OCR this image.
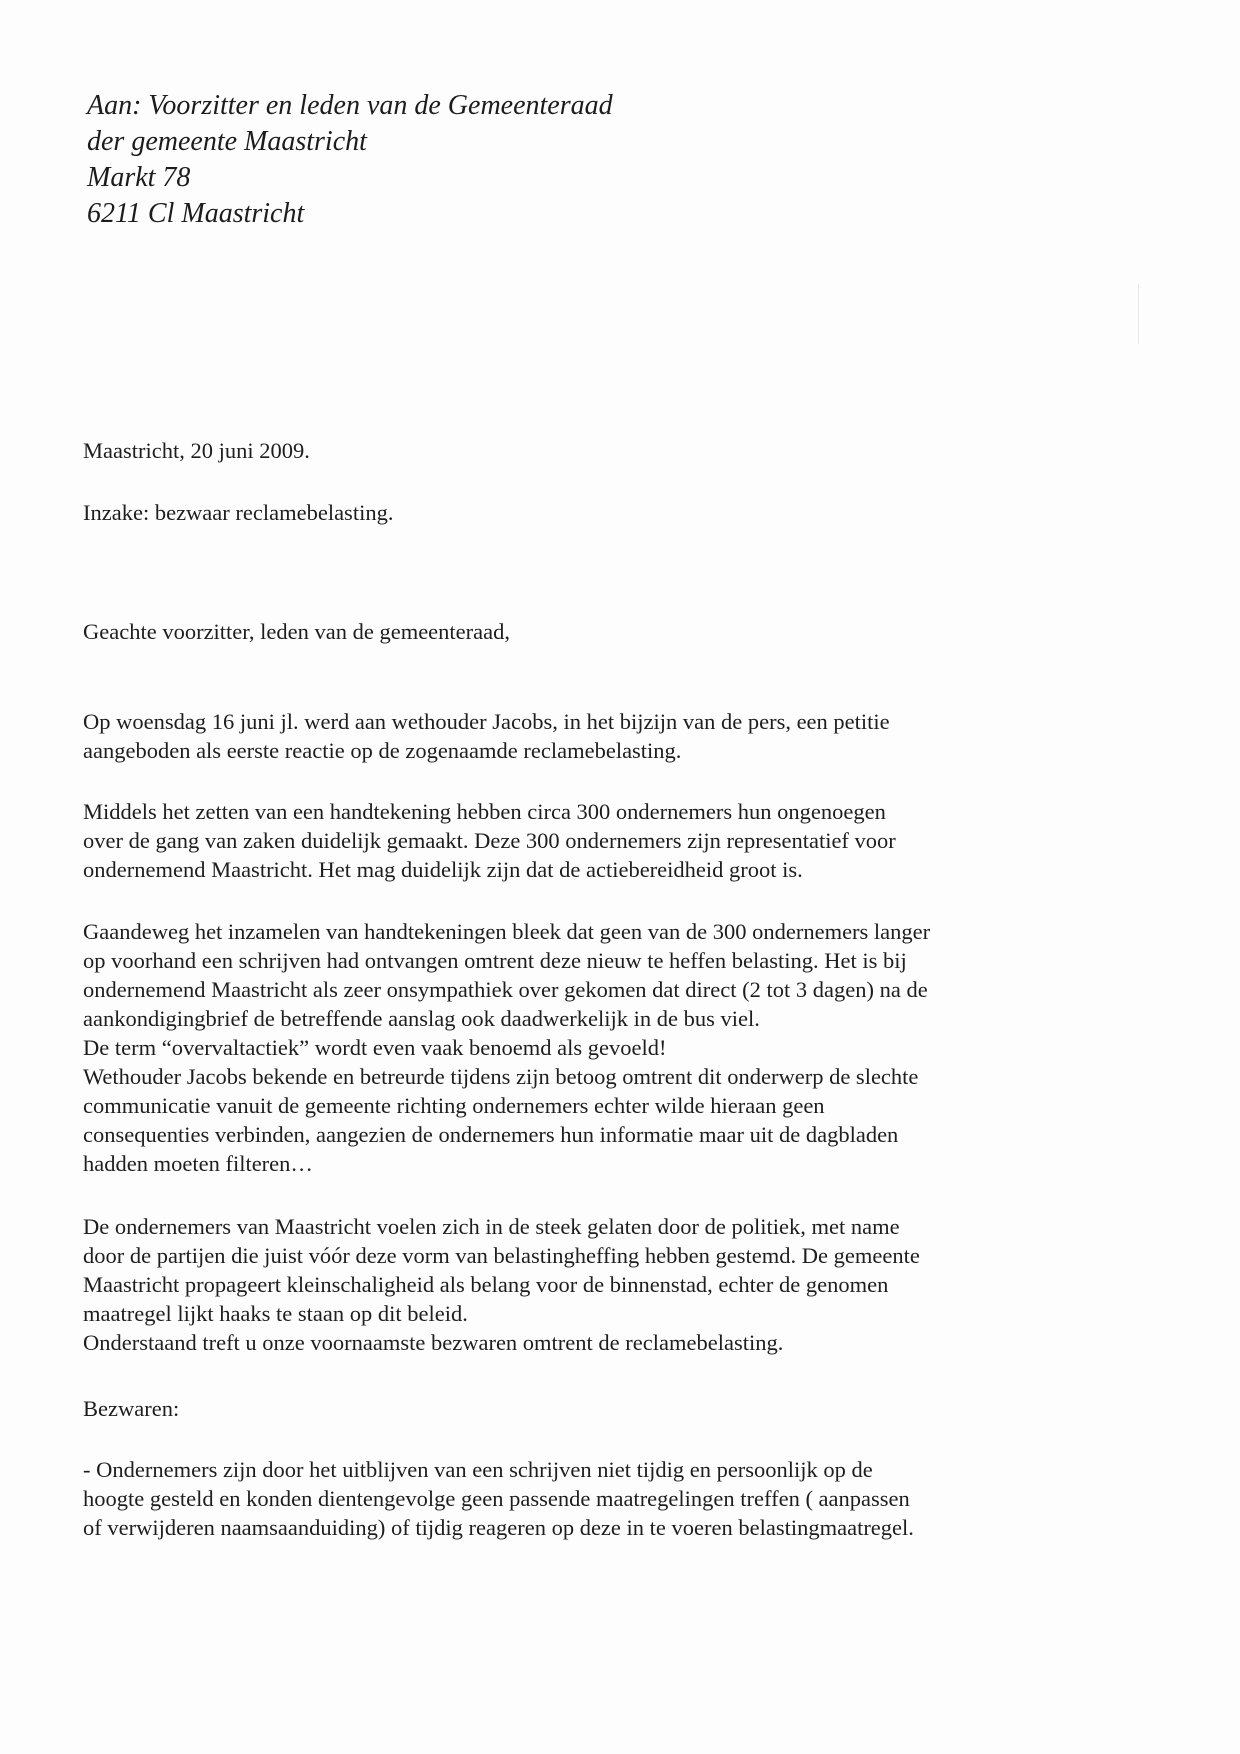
Aan: Voorzitter en leden van de Gemeenteraad
der gemeente Maastricht
Markt 78
6211 Cl Maastricht
Maastricht, 20 juni 2009.
Inzake: bezwaar reclamebelasting.
Geachte voorzitter, leden van de gemeenteraad,
Op woensdag 16 juni jl. werd aan wethouder Jacobs, in het bijzijn van de pers, een petitie
aangeboden als eerste reactie op de zogenaamde reclamebelasting.
Middels het zetten van een handtekening hebben circa 300 ondernemers hun ongenoegen
over de gang van zaken duidelijk gemaakt. Deze 300 ondernemers zijn representatief voor
ondernemend Maastricht. Het mag duidelijk zijn dat de actiebereidheid groot is.
Gaandeweg het inzamelen van handtekeningen bleek dat geen van de 300 ondernemers langer
op voorhand een schrijven had ontvangen omtrent deze nieuw te heffen belasting. Het is bij
ondernemend Maastricht als zeer onsympathiek over gekomen dat direct (2 tot 3 dagen) na de
aankondigingbrief de betreffende aanslag ook daadwerkelijk in de bus viel.
De term “overvaltactiek” wordt even vaak benoemd als gevoeld!
Wethouder Jacobs bekende en betreurde tijdens zijn betoog omtrent dit onderwerp de slechte
communicatie vanuit de gemeente richting ondernemers echter wilde hieraan geen
consequenties verbinden, aangezien de ondernemers hun informatie maar uit de dagbladen
hadden moeten filteren…
De ondernemers van Maastricht voelen zich in de steek gelaten door de politiek, met name
door de partijen die juist vóór deze vorm van belastingheffing hebben gestemd. De gemeente
Maastricht propageert kleinschaligheid als belang voor de binnenstad, echter de genomen
maatregel lijkt haaks te staan op dit beleid.
Onderstaand treft u onze voornaamste bezwaren omtrent de reclamebelasting.
Bezwaren:
- Ondernemers zijn door het uitblijven van een schrijven niet tijdig en persoonlijk op de
hoogte gesteld en konden dientengevolge geen passende maatregelingen treffen ( aanpassen
of verwijderen naamsaanduiding) of tijdig reageren op deze in te voeren belastingmaatregel.
